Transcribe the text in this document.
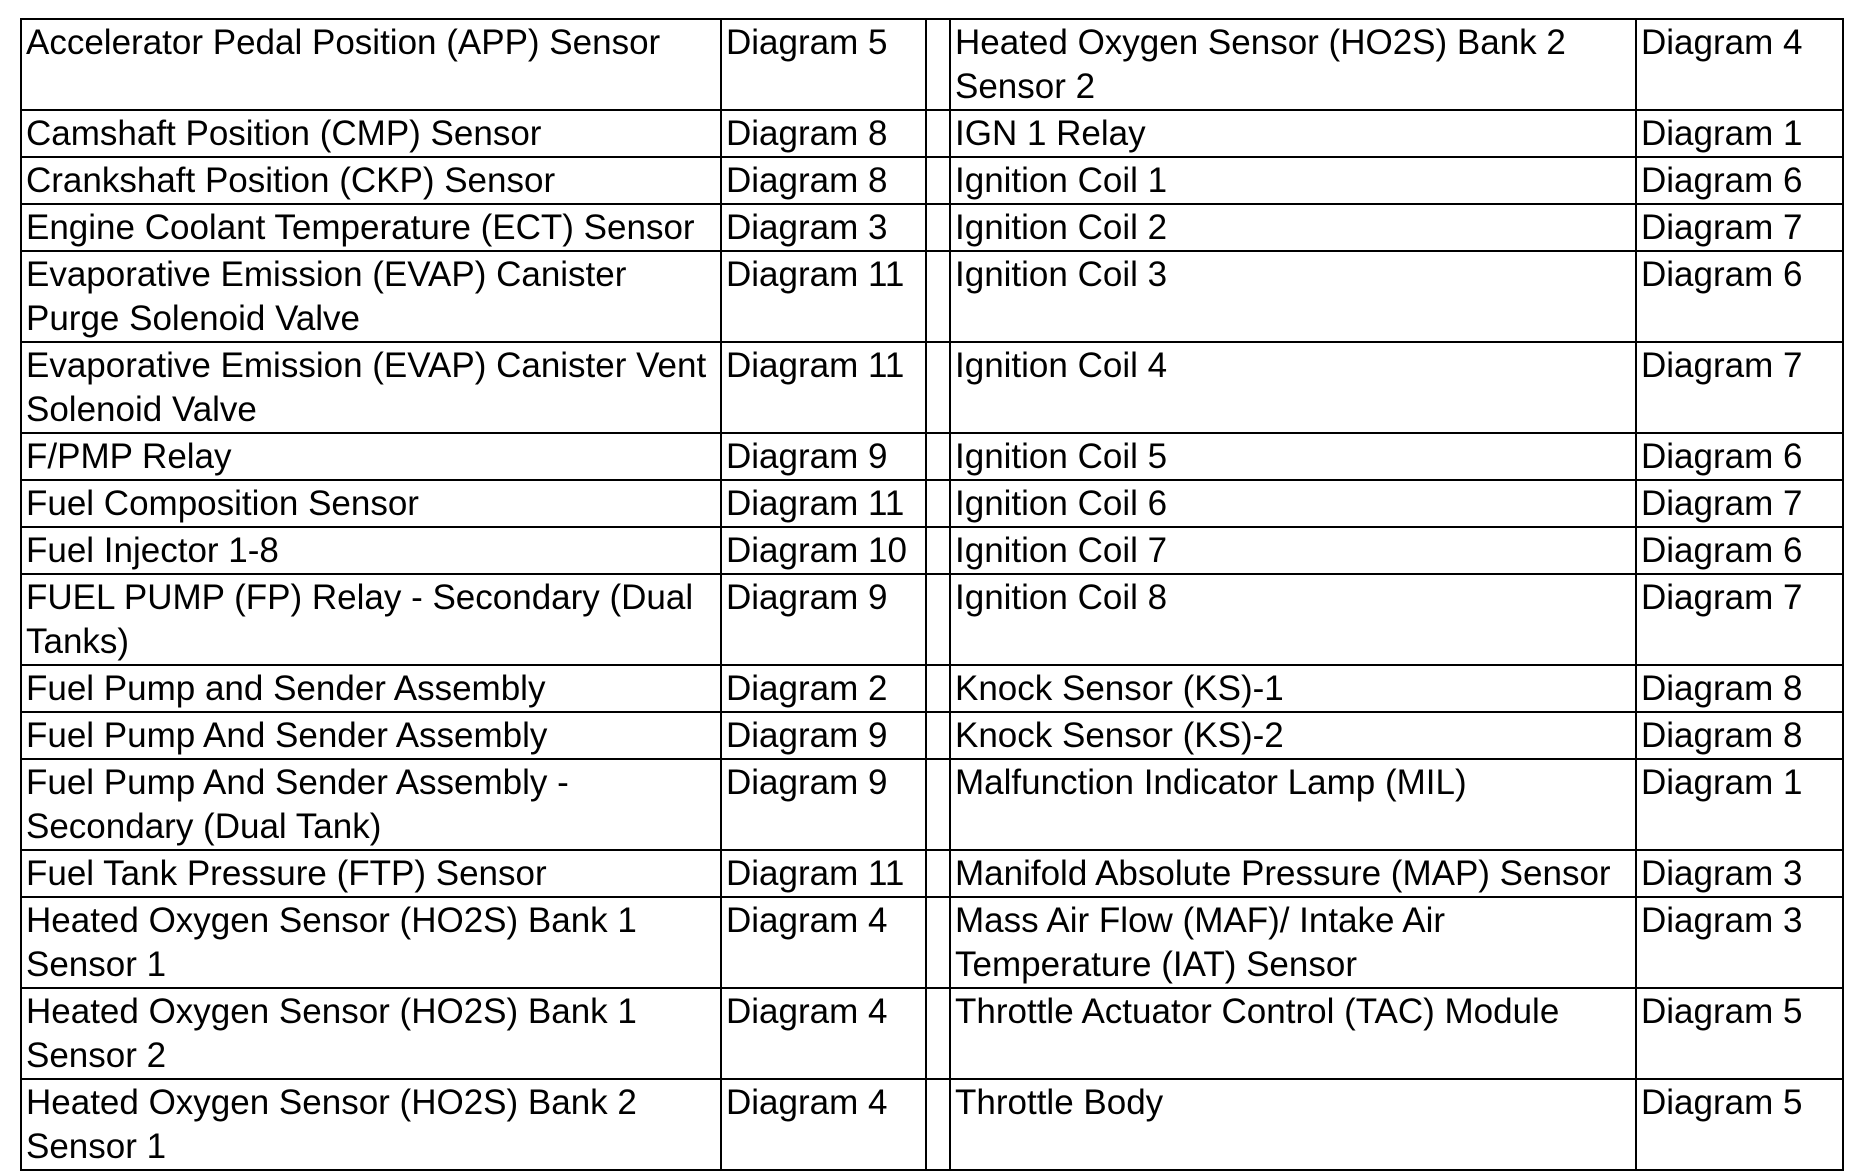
Accelerator Pedal Position (APP) Sensor	Diagram 5		Heated Oxygen Sensor (HO2S) Bank 2 Sensor 2	Diagram 4
Camshaft Position (CMP) Sensor	Diagram 8		IGN 1 Relay	Diagram 1
Crankshaft Position (CKP) Sensor	Diagram 8		Ignition Coil 1	Diagram 6
Engine Coolant Temperature (ECT) Sensor	Diagram 3		Ignition Coil 2	Diagram 7
Evaporative Emission (EVAP) Canister Purge Solenoid Valve	Diagram 11		Ignition Coil 3	Diagram 6
Evaporative Emission (EVAP) Canister Vent Solenoid Valve	Diagram 11		Ignition Coil 4	Diagram 7
F/PMP Relay	Diagram 9		Ignition Coil 5	Diagram 6
Fuel Composition Sensor	Diagram 11		Ignition Coil 6	Diagram 7
Fuel Injector 1-8	Diagram 10		Ignition Coil 7	Diagram 6
FUEL PUMP (FP) Relay - Secondary (Dual Tanks)	Diagram 9		Ignition Coil 8	Diagram 7
Fuel Pump and Sender Assembly	Diagram 2		Knock Sensor (KS)-1	Diagram 8
Fuel Pump And Sender Assembly	Diagram 9		Knock Sensor (KS)-2	Diagram 8
Fuel Pump And Sender Assembly - Secondary (Dual Tank)	Diagram 9		Malfunction Indicator Lamp (MIL)	Diagram 1
Fuel Tank Pressure (FTP) Sensor	Diagram 11		Manifold Absolute Pressure (MAP) Sensor	Diagram 3
Heated Oxygen Sensor (HO2S) Bank 1 Sensor 1	Diagram 4		Mass Air Flow (MAF)/ Intake Air Temperature (IAT) Sensor	Diagram 3
Heated Oxygen Sensor (HO2S) Bank 1 Sensor 2	Diagram 4		Throttle Actuator Control (TAC) Module	Diagram 5
Heated Oxygen Sensor (HO2S) Bank 2 Sensor 1	Diagram 4		Throttle Body	Diagram 5
